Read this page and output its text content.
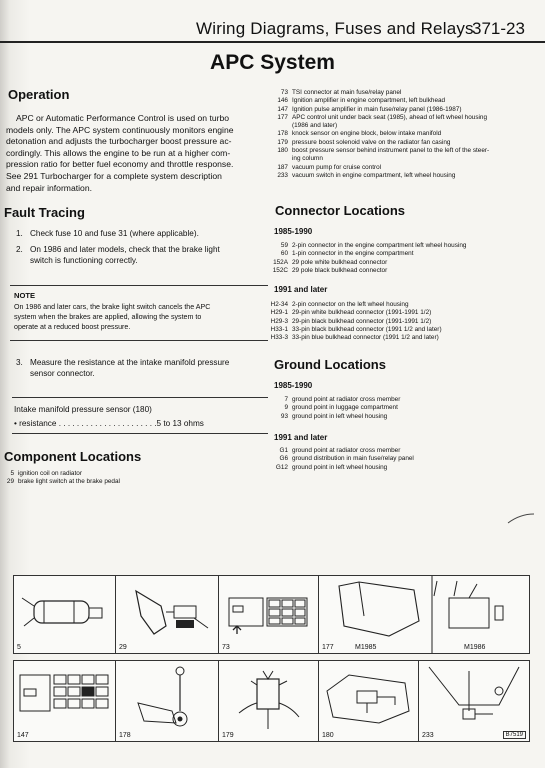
Wiring Diagrams, Fuses and Relays
371-23
APC System
Operation
APC or Automatic Performance Control is used on turbo
models only. The APC system continuously monitors engine
detonation and adjusts the turbocharger boost pressure ac-
cordingly. This allows the engine to be run at a higher com-
pression ratio for better fuel economy and throttle response.
See 291 Turbocharger for a complete system description
and repair information.
Fault Tracing
1. Check fuse 10 and fuse 31 (where applicable).
2. On 1986 and later models, check that the brake light
switch is functioning correctly.
NOTE
On 1986 and later cars, the brake light switch cancels the APC
system when the brakes are applied, allowing the system to
operate at a reduced boost pressure.
3. Measure the resistance at the intake manifold pressure
sensor connector.
Intake manifold pressure sensor (180)
• resistance . . . . . . . . . . . . . . . . . . . . . .5 to 13 ohms
Component Locations
5 ignition coil on radiator
29 brake light switch at the brake pedal
73 TSI connector at main fuse/relay panel
146 Ignition amplifier in engine compartment, left bulkhead
147 Ignition pulse amplifier in main fuse/relay panel (1986-1987)
177 APC control unit under back seat (1985), ahead of left wheel housing
(1986 and later)
178 knock sensor on engine block, below intake manifold
179 pressure boost solenoid valve on the radiator fan casing
180 boost pressure sensor behind instrument panel to the left of the steer-
ing column
187 vacuum pump for cruise control
233 vacuum switch in engine compartment, left wheel housing
Connector Locations
1985-1990
59 2-pin connector in the engine compartment left wheel housing
60 1-pin connector in the engine compartment
152A 29 pole white bulkhead connector
152C 29 pole black bulkhead connector
1991 and later
H2-34 2-pin connector on the left wheel housing
H29-1 29-pin white bulkhead connector (1991-1991 1/2)
H29-3 29-pin black bulkhead connector (1991-1991 1/2)
H33-1 33-pin black bulkhead connector (1991 1/2 and later)
H33-3 33-pin blue bulkhead connector (1991 1/2 and later)
Ground Locations
1985-1990
7 ground point at radiator cross member
9 ground point in luggage compartment
93 ground point in left wheel housing
1991 and later
G1 ground point at radiator cross member
G6 ground distribution in main fuse/relay panel
G12 ground point in left wheel housing
5	29	73	177	M1985	M1986
147	178	179	180	233	B7519
